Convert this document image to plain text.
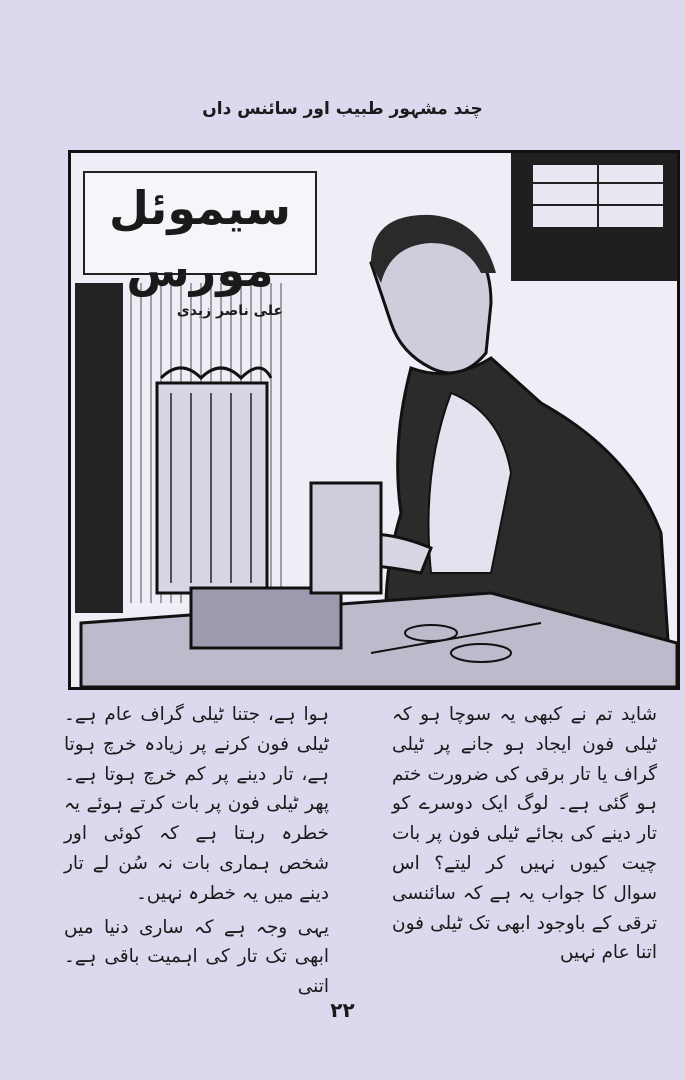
چند مشہور طبیب اور سائنس داں
سیموئل مورس
علی ناصر زیدی

شاید تم نے کبھی یہ سوچا ہو کہ ٹیلی فون ایجاد ہو جانے پر ٹیلی گراف یا تار برقی کی ضرورت ختم ہو گئی ہے۔ لوگ ایک دوسرے کو تار دینے کی بجائے ٹیلی فون پر بات چیت کیوں نہیں کر لیتے؟ اس سوال کا جواب یہ ہے کہ سائنسی ترقی کے باوجود ابھی تک ٹیلی فون اتنا عام نہیں

ہوا ہے، جتنا ٹیلی گراف عام ہے۔ ٹیلی فون کرنے پر زیادہ خرچ ہوتا ہے، تار دینے پر کم خرچ ہوتا ہے۔ پھر ٹیلی فون پر بات کرتے ہوئے یہ خطرہ رہتا ہے کہ کوئی اور شخص ہماری بات نہ سُن لے تار دینے میں یہ خطرہ نہیں۔

یہی وجہ ہے کہ ساری دنیا میں ابھی تک تار کی اہمیت باقی ہے۔ اتنی

۲۲
